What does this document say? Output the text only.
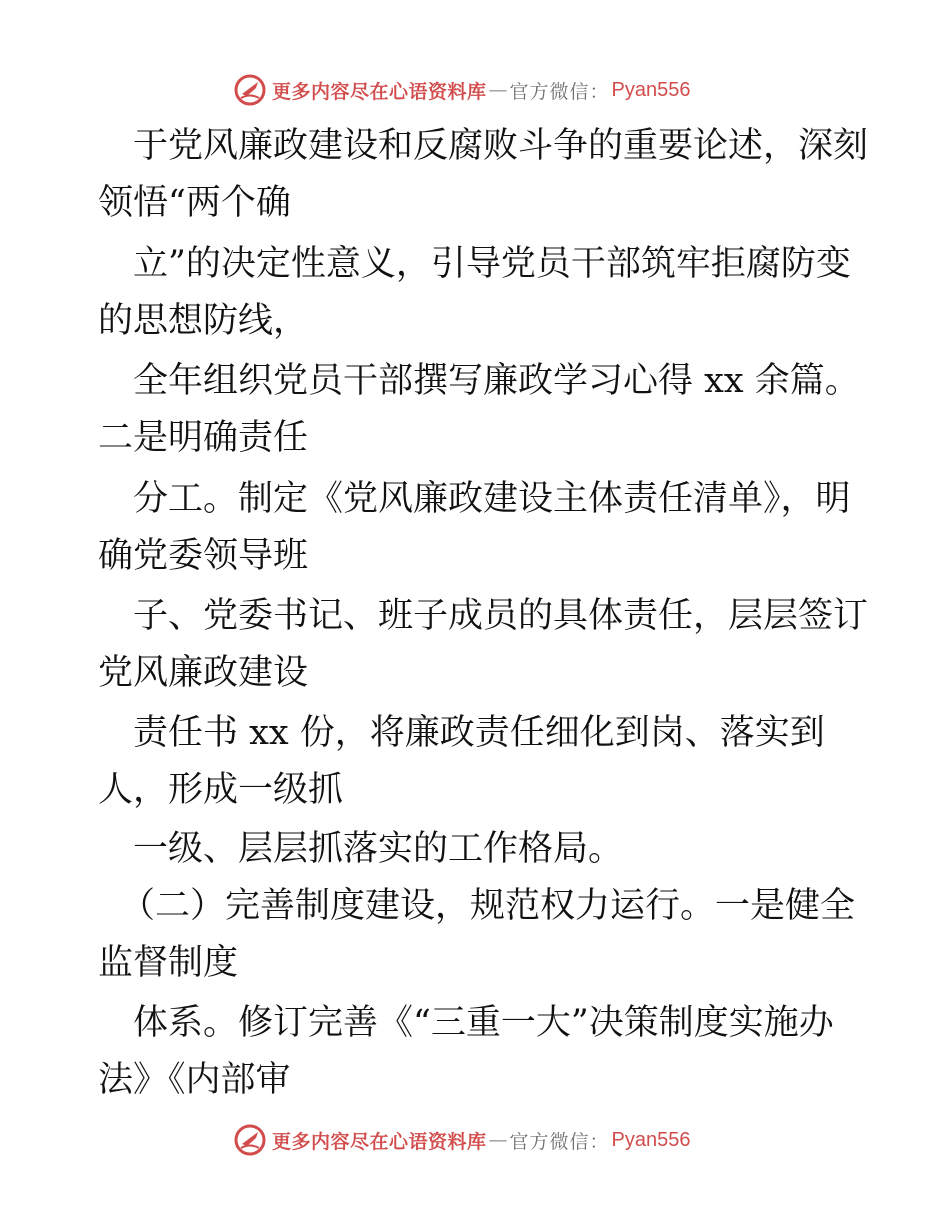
更多内容尽在心语资料库 — 官方微信： Pyan556
于党风廉政建设和反腐败斗争的重要论述，深刻
领悟“两个确
立”的决定性意义，引导党员干部筑牢拒腐防变
的思想防线，
全年组织党员干部撰写廉政学习心得 xx 余篇。
二是明确责任
分工。制定《党风廉政建设主体责任清单》，明
确党委领导班
子、党委书记、班子成员的具体责任，层层签订
党风廉政建设
责任书 xx 份，将廉政责任细化到岗、落实到
人，形成一级抓
一级、层层抓落实的工作格局。
（二）完善制度建设，规范权力运行。一是健全
监督制度
体系。修订完善《“三重一大”决策制度实施办
法》《内部审
更多内容尽在心语资料库 — 官方微信： Pyan556
